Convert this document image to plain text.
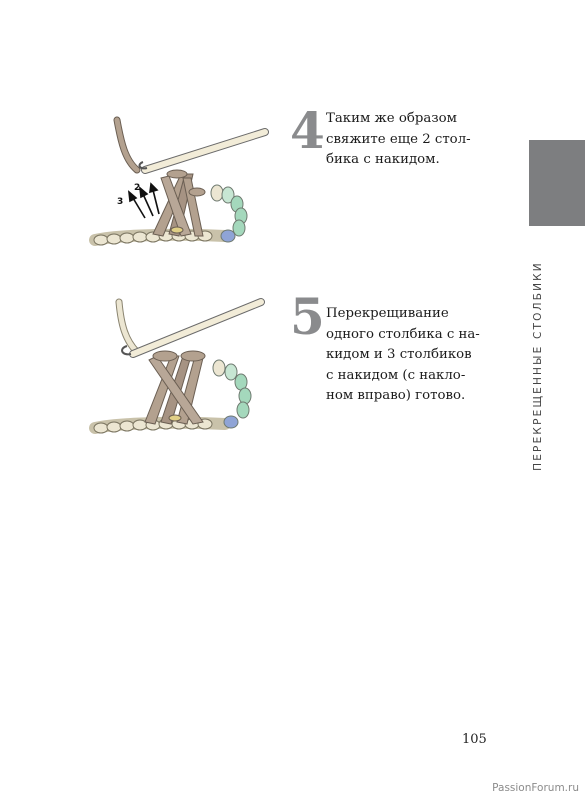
ПЕРЕКРЕЩЕННЫЕ СТОЛБИКИ
3
2
4 Таким же образом
свяжите еще 2 стол-
бика с накидом.
5 Перекрещивание
одного столбика с на-
кидом и 3 столбиков
с накидом (с накло-
ном вправо) готово.
105
PassionForum.ru
